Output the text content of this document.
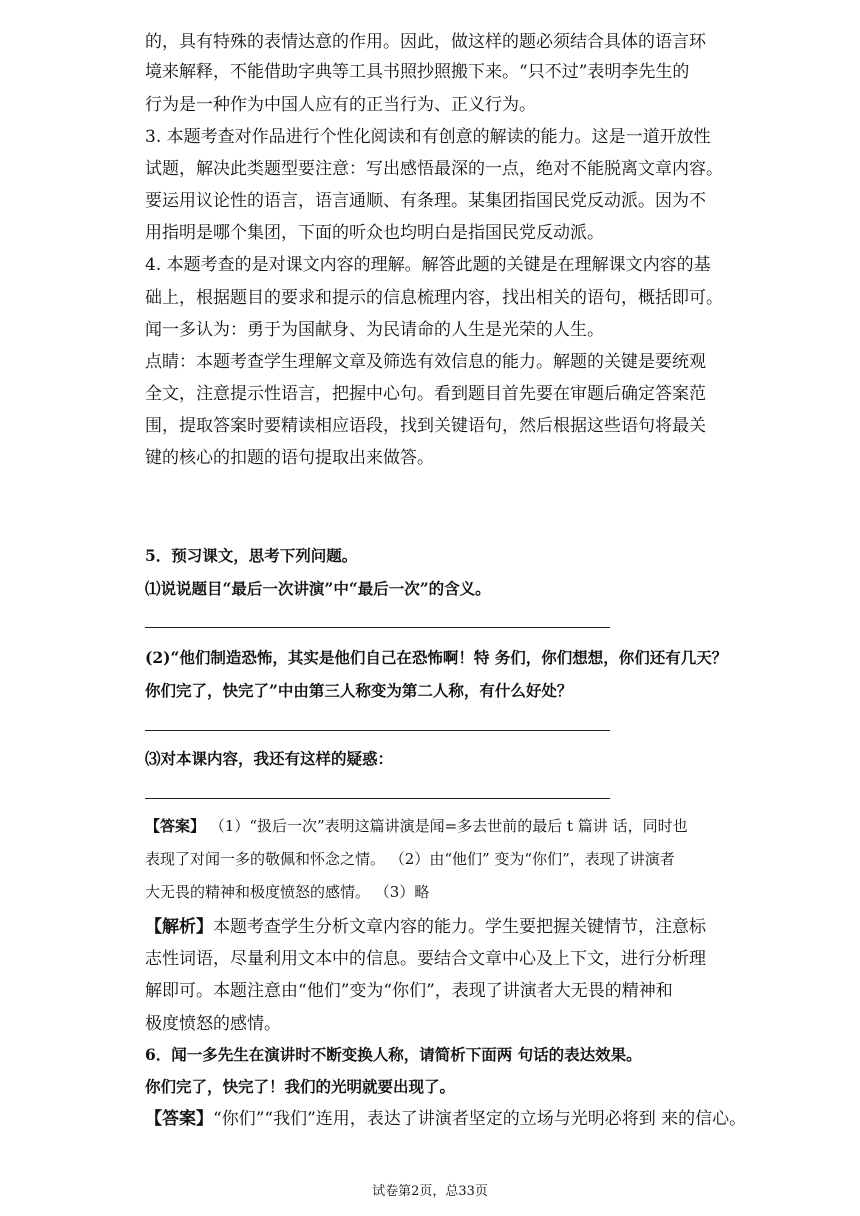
的，具有特殊的表情达意的作用。因此，做这样的题必须结合具体的语言环
境来解释，不能借助字典等工具书照抄照搬下来。“只不过”表明李先生的
行为是一种作为中国人应有的正当行为、正义行为。
3. 本题考查对作品进行个性化阅读和有创意的解读的能力。这是一道开放性
试题，解决此类题型要注意：写出感悟最深的一点，绝对不能脱离文章内容。
要运用议论性的语言，语言通顺、有条理。某集团指国民党反动派。因为不
用指明是哪个集团，下面的听众也均明白是指国民党反动派。
4. 本题考查的是对课文内容的理解。解答此题的关键是在理解课文内容的基
础上，根据题目的要求和提示的信息梳理内容，找出相关的语句，概括即可。
闻一多认为：勇于为国献身、为民请命的人生是光荣的人生。
点睛：本题考查学生理解文章及筛选有效信息的能力。解题的关键是要统观
全文，注意提示性语言，把握中心句。看到题目首先要在审题后确定答案范
围，提取答案时要精读相应语段，找到关键语句，然后根据这些语句将最关
键的核心的扣题的语句提取出来做答。
5．预习课文，思考下列问题。
⑴说说题目“最后一次讲演”中“最后一次”的含义。
(2)“他们制造恐怖，其实是他们自己在恐怖啊！特 务们，你们想想，你们还有几天？
你们完了，快完了”中由第三人称变为第二人称，有什么好处？
⑶对本课内容，我还有这样的疑惑：
【答案】 （1）“扱后一次”表明这篇讲演是闻=多去世前的最后 t 篇讲 话，同时也
表现了对闻一多的敬佩和怀念之情。 （2）由“他们” 变为“你们”，表现了讲演者
大无畏的精神和极度愤怒的感情。 （3）略
【解析】本题考查学生分析文章内容的能力。学生要把握关键情节，注意标
志性词语，尽量利用文本中的信息。要结合文章中心及上下文，进行分析理
解即可。本题注意由“他们”变为“你们”，表现了讲演者大无畏的精神和
极度愤怒的感情。
6．闻一多先生在演讲时不断变换人称，请简析下面两 句话的表达效果。
你们完了，快完了！我们的光明就要出现了。
【答案】“你们”“我们”连用，表达了讲演者坚定的立场与光明必将到 来的信心。
试卷第2页，总33页
